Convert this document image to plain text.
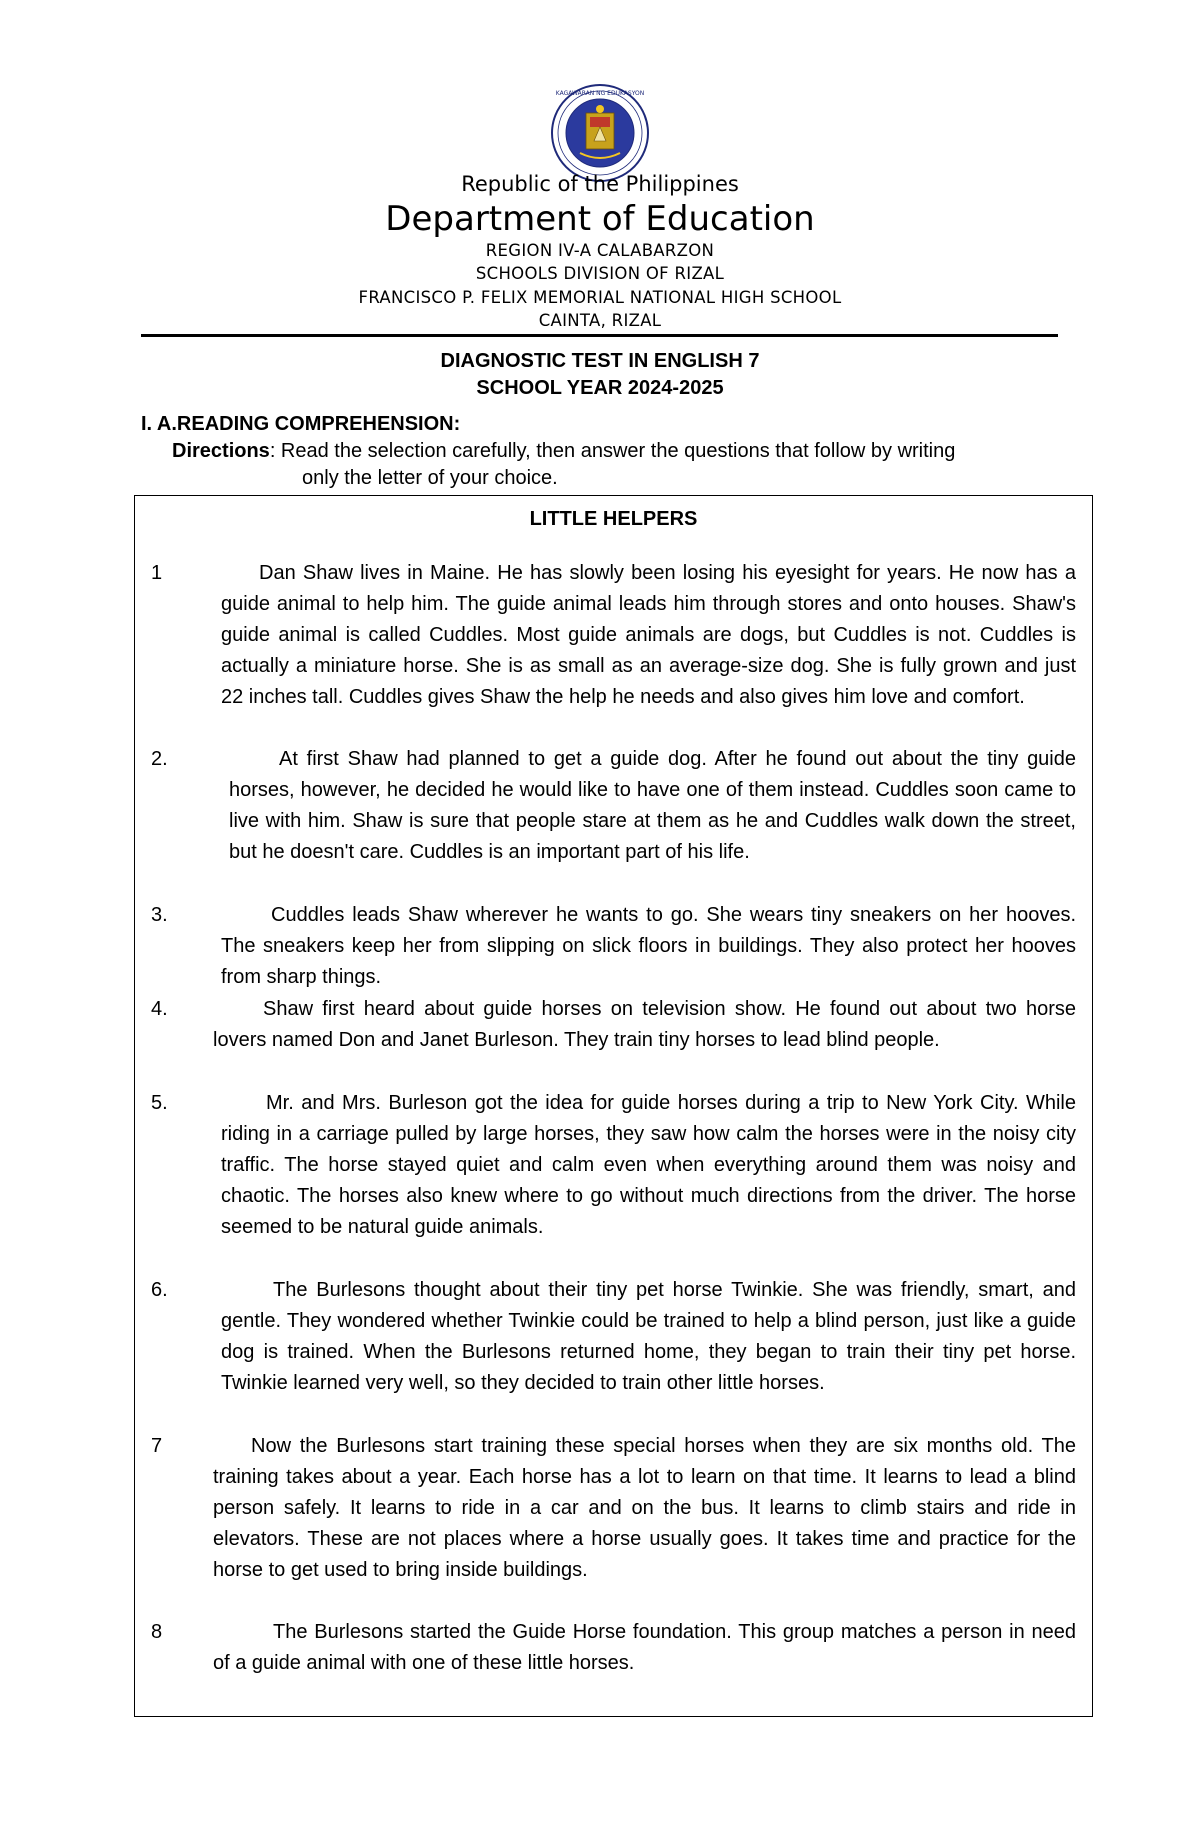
KAGAWARAN NG EDUKASYON
Republic of the Philippines
Department of Education
REGION IV-A CALABARZON
SCHOOLS DIVISION OF RIZAL
FRANCISCO P. FELIX MEMORIAL NATIONAL HIGH SCHOOL
CAINTA, RIZAL
DIAGNOSTIC TEST IN ENGLISH 7
SCHOOL YEAR 2024-2025
I. A.READING COMPREHENSION:
Directions: Read the selection carefully, then answer the questions that follow by writing
only the letter of your choice.
LITTLE HELPERS
1	Dan Shaw lives in Maine. He has slowly been losing his eyesight for years. He now has a guide animal to help him. The guide animal leads him through stores and onto houses. Shaw's guide animal is called Cuddles. Most guide animals are dogs, but Cuddles is not. Cuddles is actually a miniature horse. She is as small as an average-size dog. She is fully grown and just 22 inches tall. Cuddles gives Shaw the help he needs and also gives him love and comfort.
2.	At first Shaw had planned to get a guide dog. After he found out about the tiny guide horses, however, he decided he would like to have one of them instead. Cuddles soon came to live with him. Shaw is sure that people stare at them as he and Cuddles walk down the street, but he doesn't care. Cuddles is an important part of his life.
3.	Cuddles leads Shaw wherever he wants to go. She wears tiny sneakers on her hooves. The sneakers keep her from slipping on slick floors in buildings. They also protect her hooves from sharp things.
4.	Shaw first heard about guide horses on television show. He found out about two horse lovers named Don and Janet Burleson. They train tiny horses to lead blind people.
5.	Mr. and Mrs. Burleson got the idea for guide horses during a trip to New York City. While riding in a carriage pulled by large horses, they saw how calm the horses were in the noisy city traffic. The horse stayed quiet and calm even when everything around them was noisy and chaotic. The horses also knew where to go without much directions from the driver. The horse seemed to be natural guide animals.
6.	The Burlesons thought about their tiny pet horse Twinkie. She was friendly, smart, and gentle. They wondered whether Twinkie could be trained to help a blind person, just like a guide dog is trained. When the Burlesons returned home, they began to train their tiny pet horse. Twinkie learned very well, so they decided to train other little horses.
7	Now the Burlesons start training these special horses when they are six months old. The training takes about a year. Each horse has a lot to learn on that time. It learns to lead a blind person safely. It learns to ride in a car and on the bus. It learns to climb stairs and ride in elevators. These are not places where a horse usually goes. It takes time and practice for the horse to get used to bring inside buildings.
8	The Burlesons started the Guide Horse foundation. This group matches a person in need of a guide animal with one of these little horses.
